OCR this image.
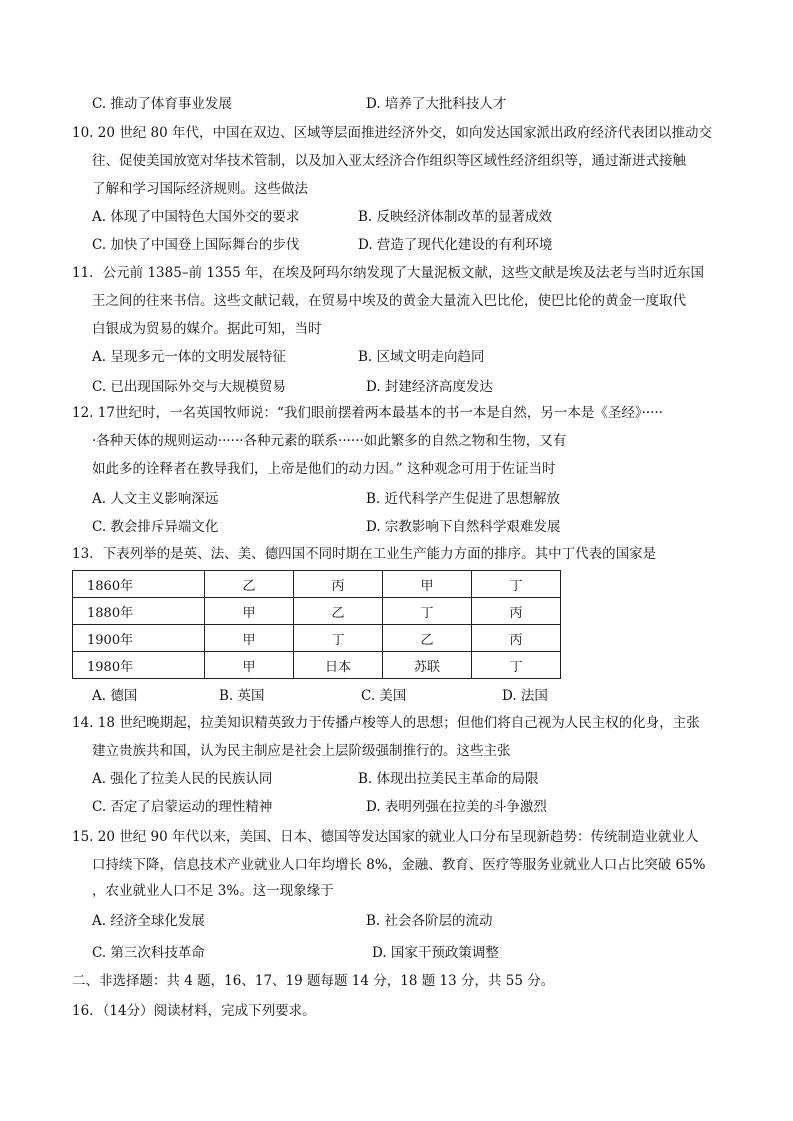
C. 推动了体育事业发展	D. 培养了大批科技人才
10. 20 世纪 80 年代，中国在双边、区域等层面推进经济外交，如向发达国家派出政府经济代表团以推动交
往、促使美国放宽对华技术管制，以及加入亚太经济合作组织等区域性经济组织等，通过渐进式接触
了解和学习国际经济规则。这些做法
A. 体现了中国特色大国外交的要求	B. 反映经济体制改革的显著成效
C. 加快了中国登上国际舞台的步伐	D. 营造了现代化建设的有利环境
11．公元前 1385–前 1355 年，在埃及阿玛尔纳发现了大量泥板文献，这些文献是埃及法老与当时近东国
王之间的往来书信。这些文献记载，在贸易中埃及的黄金大量流入巴比伦，使巴比伦的黄金一度取代
白银成为贸易的媒介。据此可知，当时
A. 呈现多元一体的文明发展特征	B. 区域文明走向趋同
C. 已出现国际外交与大规模贸易	D. 封建经济高度发达
12. 17世纪时，一名英国牧师说：“我们眼前摆着两本最基本的书一本是自然，另一本是《圣经》·····
·各种天体的规则运动······各种元素的联系······如此繁多的自然之物和生物，又有
如此多的诠释者在教导我们，上帝是他们的动力因。” 这种观念可用于佐证当时
A. 人文主义影响深远	B. 近代科学产生促进了思想解放
C. 教会排斥异端文化	D. 宗教影响下自然科学艰难发展
13．下表列举的是英、法、美、德四国不同时期在工业生产能力方面的排序。其中丁代表的国家是
1860年	乙	丙	甲	丁
1880年	甲	乙	丁	丙
1900年	甲	丁	乙	丙
1980年	甲	日本	苏联	丁
A. 德国	B. 英国	C. 美国	D. 法国
14. 18 世纪晚期起，拉美知识精英致力于传播卢梭等人的思想；但他们将自己视为人民主权的化身，主张
建立贵族共和国，认为民主制应是社会上层阶级强制推行的。这些主张
A. 强化了拉美人民的民族认同	B. 体现出拉美民主革命的局限
C. 否定了启蒙运动的理性精神	D. 表明列强在拉美的斗争激烈
15. 20 世纪 90 年代以来，美国、日本、德国等发达国家的就业人口分布呈现新趋势：传统制造业就业人
口持续下降，信息技术产业就业人口年均增长 8%，金融、教育、医疗等服务业就业人口占比突破 65%
，农业就业人口不足 3%。这一现象缘于
A. 经济全球化发展	B. 社会各阶层的流动
C. 第三次科技革命	D. 国家干预政策调整
二、非选择题：共 4 题，16、17、19 题每题 14 分，18 题 13 分，共 55 分。
16．（14分）阅读材料，完成下列要求。
